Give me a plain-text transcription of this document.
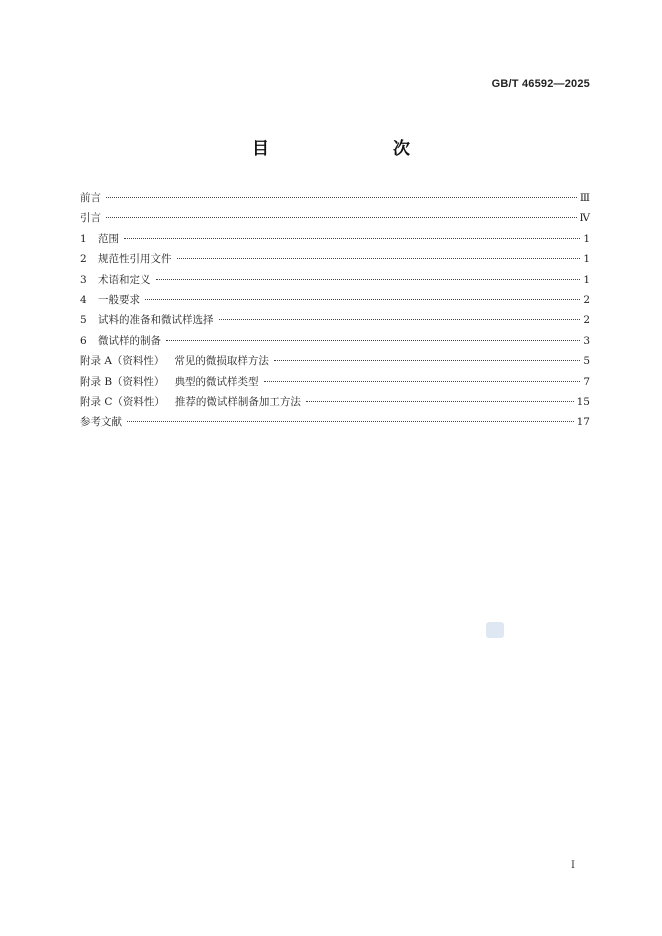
GB/T 46592—2025
目　　次
前言	Ⅲ
引言	Ⅳ
1 范围	1
2 规范性引用文件	1
3 术语和定义	1
4 一般要求	2
5 试料的准备和微试样选择	2
6 微试样的制备	3
附录 A（资料性） 常见的微损取样方法	5
附录 B（资料性） 典型的微试样类型	7
附录 C（资料性） 推荐的微试样制备加工方法	15
参考文献	17
I
